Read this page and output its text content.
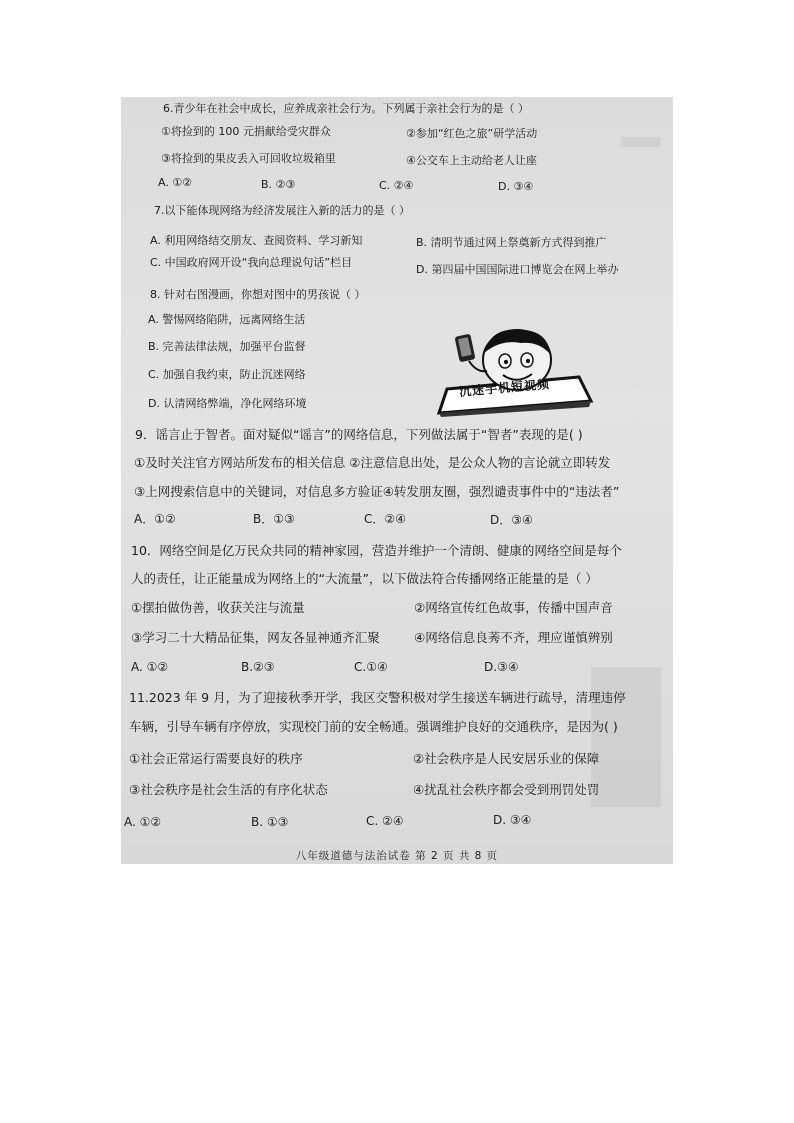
6.青少年在社会中成长，应养成亲社会行为。下列属于亲社会行为的是（ ）
①将捡到的 100 元捐献给受灾群众	②参加“红色之旅”研学活动
③将捡到的果皮丢入可回收垃圾箱里	④公交车上主动给老人让座
A. ①②	B. ②③	C. ②④	D. ③④
7.以下能体现网络为经济发展注入新的活力的是（ ）
A. 利用网络结交朋友、查阅资料、学习新知	B. 清明节通过网上祭奠新方式得到推广
C. 中国政府网开设“我向总理说句话”栏目
D. 第四届中国国际进口博览会在网上举办
8. 针对右图漫画，你想对图中的男孩说（ ）
A. 警惕网络陷阱，远离网络生活
B. 完善法律法规，加强平台监督
C. 加强自我约束，防止沉迷网络
D. 认清网络弊端，净化网络环境
沉迷手机短视频
9．谣言止于智者。面对疑似“谣言”的网络信息，下列做法属于“智者”表现的是( )
①及时关注官方网站所发布的相关信息 ②注意信息出处，是公众人物的言论就立即转发
③上网搜索信息中的关键词，对信息多方验证④转发朋友圈，强烈谴责事件中的“违法者”
A．①②	B．①③	C．②④	D．③④
10．网络空间是亿万民众共同的精神家园，营造并维护一个清朗、健康的网络空间是每个
人的责任，让正能量成为网络上的“大流量”，以下做法符合传播网络正能量的是（ ）
①摆拍做伪善，收获关注与流量	②网络宣传红色故事，传播中国声音
③学习二十大精品征集，网友各显神通齐汇聚	④网络信息良莠不齐，理应谨慎辨别
A. ①②	B.②③	C.①④	D.③④
11.2023 年 9 月，为了迎接秋季开学，我区交警积极对学生接送车辆进行疏导，清理违停
车辆，引导车辆有序停放，实现校门前的安全畅通。强调维护良好的交通秩序，是因为( )
①社会正常运行需要良好的秩序	②社会秩序是人民安居乐业的保障
③社会秩序是社会生活的有序化状态	④扰乱社会秩序都会受到刑罚处罚
A. ①②	B. ①③	C. ②④	D. ③④
八年级道德与法治试卷 第 2 页 共 8 页
